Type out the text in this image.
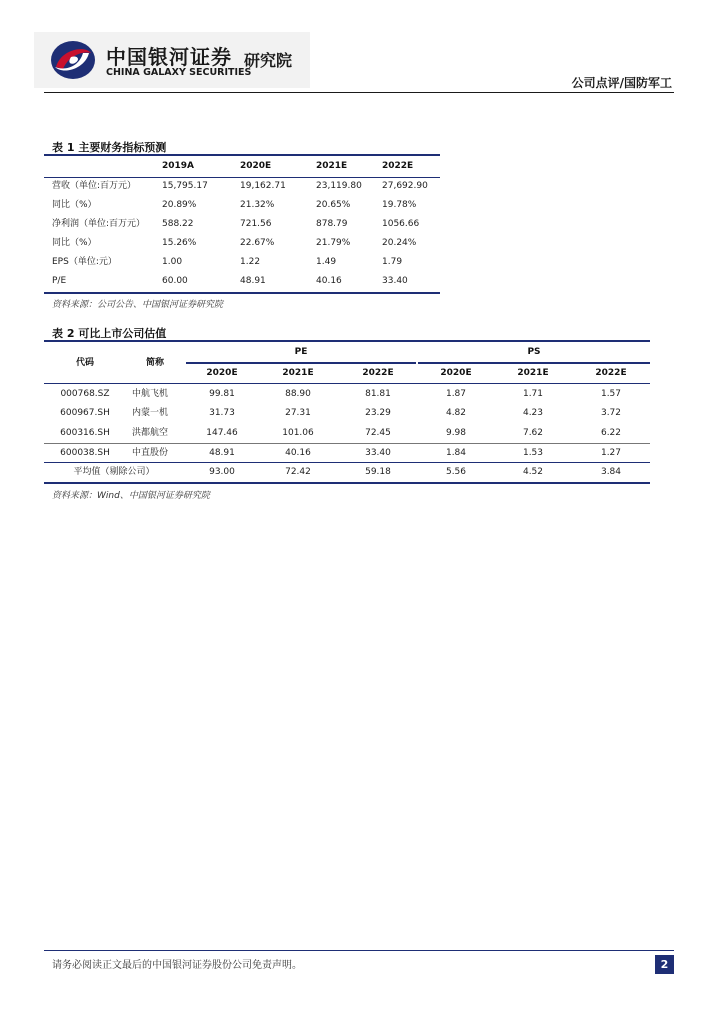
中国银河证券
CHINA GALAXY SECURITIES
研究院
公司点评/国防军工
表 1 主要财务指标预测
2019A	2020E	2021E	2022E
营收（单位:百万元）	15,795.17	19,162.71	23,119.80 27,692.90
同比（%）	20.89%	21.32%	20.65%	19.78%
净利润（单位:百万元） 588.22	721.56	878.79	1056.66
同比（%）	15.26%	22.67%	21.79%	20.24%
EPS（单位:元）	1.00	1.22	1.49	1.79
P/E	60.00	48.91	40.16	33.40
资料来源：公司公告、中国银河证券研究院
表 2 可比上市公司估值
代码	简称
PE	PS
2020E	2021E	2022E	2020E	2021E	2022E
000768.SZ	中航飞机	99.81	88.90	81.81	1.87	1.71	1.57
600967.SH	内蒙一机	31.73	27.31	23.29	4.82	4.23	3.72
600316.SH	洪都航空	147.46	101.06	72.45	9.98	7.62	6.22
600038.SH	中直股份	48.91	40.16	33.40	1.84	1.53	1.27
平均值（剔除公司）	93.00	72.42	59.18	5.56	4.52	3.84
资料来源：Wind、中国银河证券研究院
请务必阅读正文最后的中国银河证券股份公司免责声明。	2
